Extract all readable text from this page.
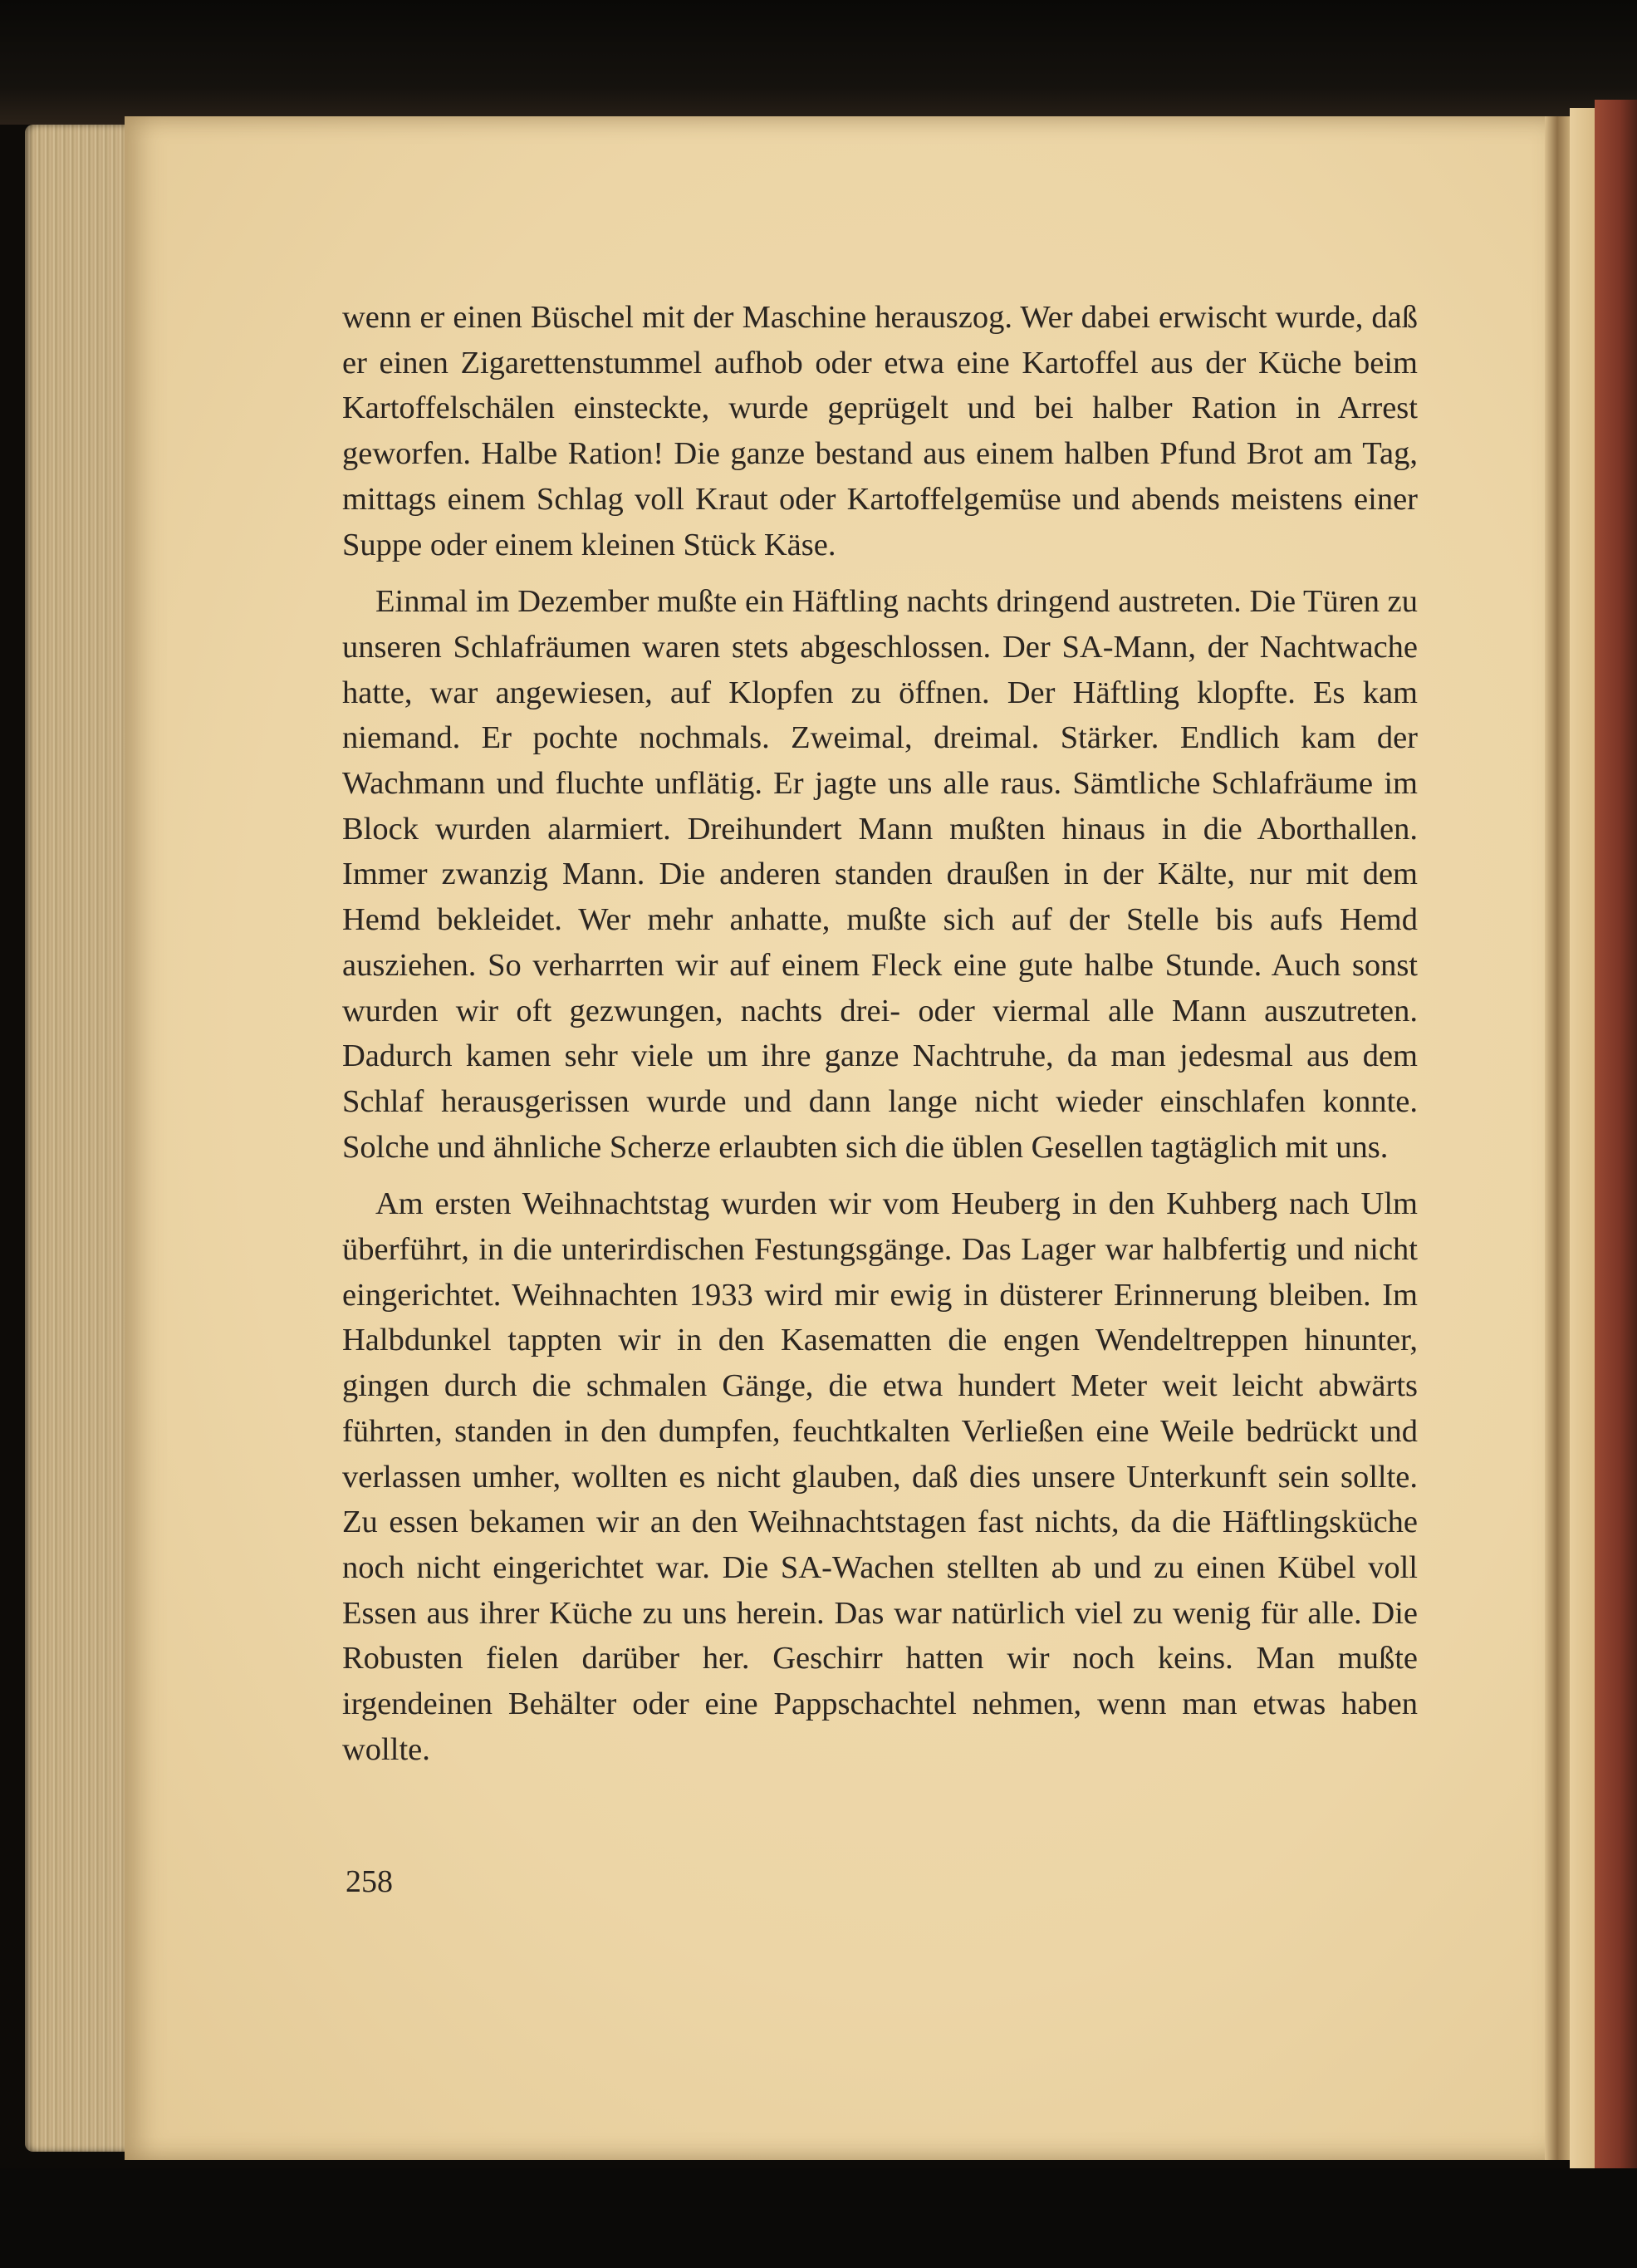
wenn er einen Büschel mit der Maschine herauszog. Wer dabei erwischt wurde, daß er einen Zigarettenstummel aufhob oder etwa eine Kartoffel aus der Küche beim Kartoffelschälen einsteckte, wurde geprügelt und bei halber Ration in Arrest geworfen. Halbe Ration! Die ganze bestand aus einem halben Pfund Brot am Tag, mittags einem Schlag voll Kraut oder Kartoffelgemüse und abends meistens einer Suppe oder einem kleinen Stück Käse.

Einmal im Dezember mußte ein Häftling nachts dringend austreten. Die Türen zu unseren Schlafräumen waren stets abgeschlossen. Der SA-Mann, der Nachtwache hatte, war angewiesen, auf Klopfen zu öffnen. Der Häftling klopfte. Es kam niemand. Er pochte nochmals. Zweimal, dreimal. Stärker. Endlich kam der Wachmann und fluchte unflätig. Er jagte uns alle raus. Sämtliche Schlafräume im Block wurden alarmiert. Dreihundert Mann mußten hinaus in die Aborthallen. Immer zwanzig Mann. Die anderen standen draußen in der Kälte, nur mit dem Hemd bekleidet. Wer mehr anhatte, mußte sich auf der Stelle bis aufs Hemd ausziehen. So verharrten wir auf einem Fleck eine gute halbe Stunde. Auch sonst wurden wir oft gezwungen, nachts drei- oder viermal alle Mann auszutreten. Dadurch kamen sehr viele um ihre ganze Nachtruhe, da man jedesmal aus dem Schlaf herausgerissen wurde und dann lange nicht wieder einschlafen konnte. Solche und ähnliche Scherze erlaubten sich die üblen Gesellen tagtäglich mit uns.

Am ersten Weihnachtstag wurden wir vom Heuberg in den Kuhberg nach Ulm überführt, in die unterirdischen Festungsgänge. Das Lager war halbfertig und nicht eingerichtet. Weihnachten 1933 wird mir ewig in düsterer Erinnerung bleiben. Im Halbdunkel tappten wir in den Kasematten die engen Wendeltreppen hinunter, gingen durch die schmalen Gänge, die etwa hundert Meter weit leicht abwärts führten, standen in den dumpfen, feuchtkalten Verließen eine Weile bedrückt und verlassen umher, wollten es nicht glauben, daß dies unsere Unterkunft sein sollte. Zu essen bekamen wir an den Weihnachtstagen fast nichts, da die Häftlingsküche noch nicht eingerichtet war. Die SA-Wachen stellten ab und zu einen Kübel voll Essen aus ihrer Küche zu uns herein. Das war natürlich viel zu wenig für alle. Die Robusten fielen darüber her. Geschirr hatten wir noch keins. Man mußte irgendeinen Behälter oder eine Pappschachtel nehmen, wenn man etwas haben wollte.

258
